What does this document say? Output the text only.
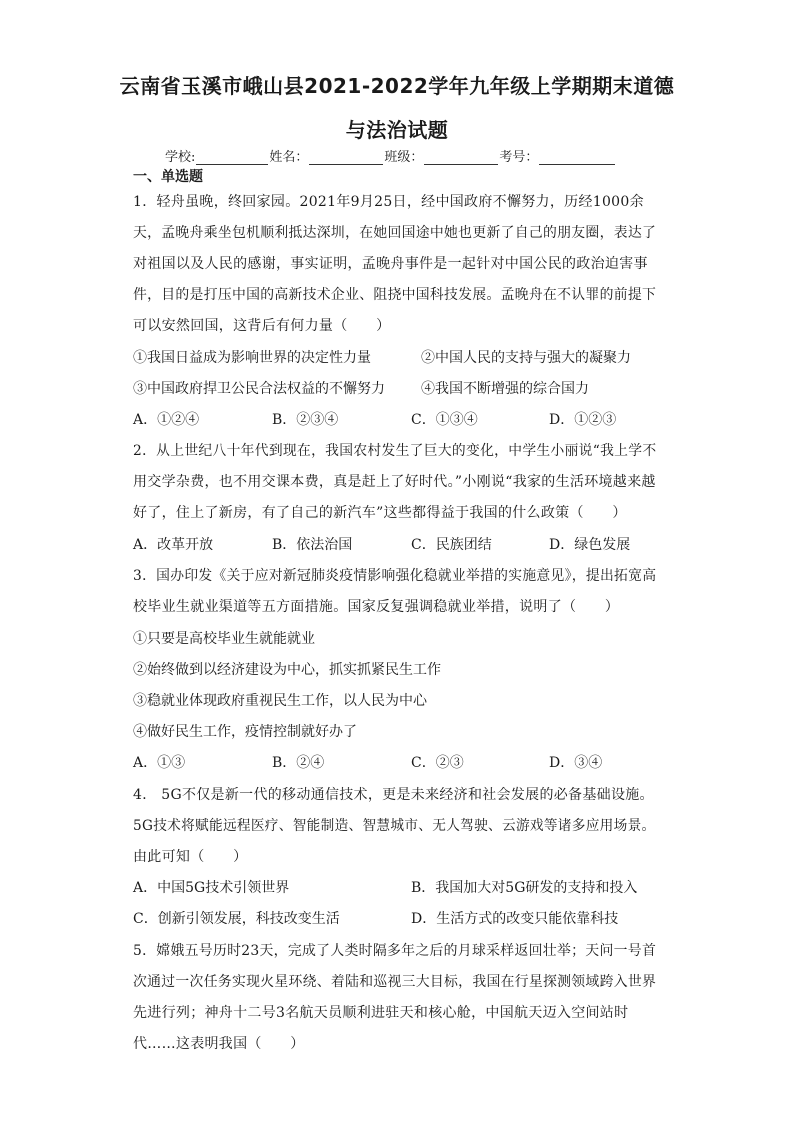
云南省玉溪市峨山县2021-2022学年九年级上学期期末道德
与法治试题
学校:	姓名：	班级：	考号：
一、单选题
1．轻舟虽晚，终回家园。2021年9月25日，经中国政府不懈努力，历经1000余
天，孟晚舟乘坐包机顺利抵达深圳，在她回国途中她也更新了自己的朋友圈，表达了
对祖国以及人民的感谢，事实证明，孟晚舟事件是一起针对中国公民的政治迫害事
件，目的是打压中国的高新技术企业、阻挠中国科技发展。孟晚舟在不认罪的前提下
可以安然回国，这背后有何力量（　　）
①我国日益成为影响世界的决定性力量	②中国人民的支持与强大的凝聚力
③中国政府捍卫公民合法权益的不懈努力	④我国不断增强的综合国力
A．①②④	B．②③④	C．①③④	D．①②③
2．从上世纪八十年代到现在，我国农村发生了巨大的变化，中学生小丽说“我上学不
用交学杂费，也不用交课本费，真是赶上了好时代。”小刚说“我家的生活环境越来越
好了，住上了新房，有了自己的新汽车”这些都得益于我国的什么政策（　　）
A．改革开放	B．依法治国	C．民族团结	D．绿色发展
3．国办印发《关于应对新冠肺炎疫情影响强化稳就业举措的实施意见》，提出拓宽高
校毕业生就业渠道等五方面措施。国家反复强调稳就业举措，说明了（　　）
①只要是高校毕业生就能就业
②始终做到以经济建设为中心，抓实抓紧民生工作
③稳就业体现政府重视民生工作，以人民为中心
④做好民生工作，疫情控制就好办了
A．①③	B．②④	C．②③	D．③④
4． 5G不仅是新一代的移动通信技术，更是未来经济和社会发展的必备基础设施。
5G技术将赋能远程医疗、智能制造、智慧城市、无人驾驶、云游戏等诸多应用场景。
由此可知（　　）
A．中国5G技术引领世界	B．我国加大对5G研发的支持和投入
C．创新引领发展，科技改变生活	D．生活方式的改变只能依靠科技
5．嫦娥五号历时23天，完成了人类时隔多年之后的月球采样返回壮举；天问一号首
次通过一次任务实现火星环绕、着陆和巡视三大目标，我国在行星探测领域跨入世界
先进行列；神舟十二号3名航天员顺利进驻天和核心舱，中国航天迈入空间站时
代……这表明我国（　　）
